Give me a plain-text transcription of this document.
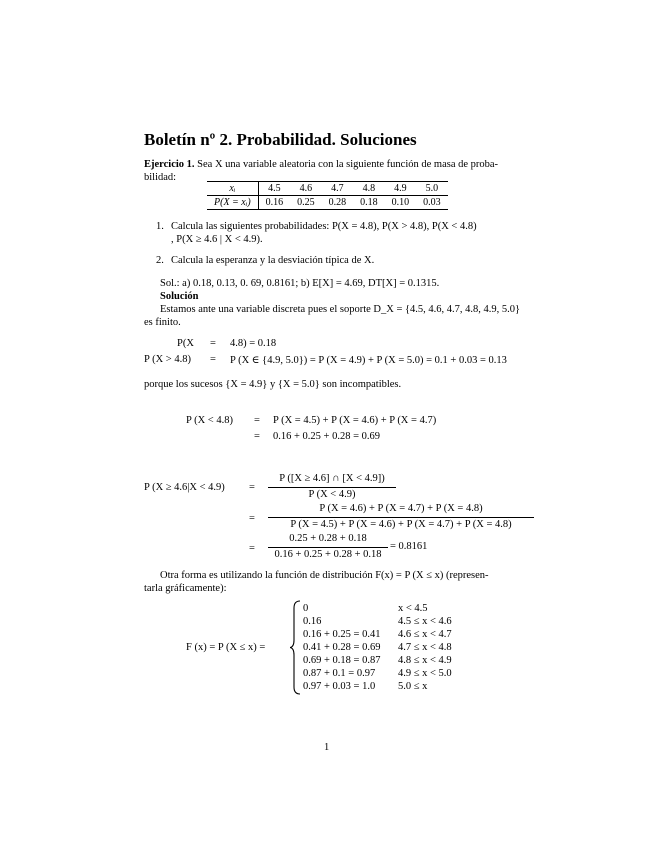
Boletín nº 2. Probabilidad. Soluciones
Ejercicio 1. Sea X una variable aleatoria con la siguiente función de masa de proba-
bilidad:
xᵢ	4.5	4.6	4.7	4.8	4.9	5.0
P(X = xᵢ)	0.16	0.25	0.28	0.18	0.10	0.03
1. Calcula las siguientes probabilidades: P(X = 4.8), P(X > 4.8), P(X < 4.8)
, P(X ≥ 4.6 | X < 4.9).
2. Calcula la esperanza y la desviación típica de X.
Sol.: a) 0.18, 0.13, 0. 69, 0.8161; b) E[X] = 4.69, DT[X] = 0.1315.
Solución
Estamos ante una variable discreta pues el soporte D_X = {4.5, 4.6, 4.7, 4.8, 4.9, 5.0}
es finito.
P(X = 4.8) = 0.18
P (X > 4.8) = P (X ∈ {4.9, 5.0}) = P (X = 4.9) + P (X = 5.0) = 0.1 + 0.03 = 0.13
porque los sucesos {X = 4.9} y {X = 5.0} son incompatibles.
P (X < 4.8) = P (X = 4.5) + P (X = 4.6) + P (X = 4.7)
= 0.16 + 0.25 + 0.28 = 0.69
P (X ≥ 4.6|X < 4.9) =
P ([X ≥ 4.6] ∩ [X < 4.9])
P (X < 4.9)
=
P (X = 4.6) + P (X = 4.7) + P (X = 4.8)
P (X = 4.5) + P (X = 4.6) + P (X = 4.7) + P (X = 4.8)
=
0.25 + 0.28 + 0.18
0.16 + 0.25 + 0.28 + 0.18
= 0.8161
Otra forma es utilizando la función de distribución F(x) = P (X ≤ x) (represen-
tarla gráficamente):
F (x) = P (X ≤ x) =
0	x < 4.5
0.16	4.5 ≤ x < 4.6
0.16 + 0.25 = 0.41 4.6 ≤ x < 4.7
0.41 + 0.28 = 0.69 4.7 ≤ x < 4.8
0.69 + 0.18 = 0.87 4.8 ≤ x < 4.9
0.87 + 0.1 = 0.97 4.9 ≤ x < 5.0
0.97 + 0.03 = 1.0 5.0 ≤ x
1
